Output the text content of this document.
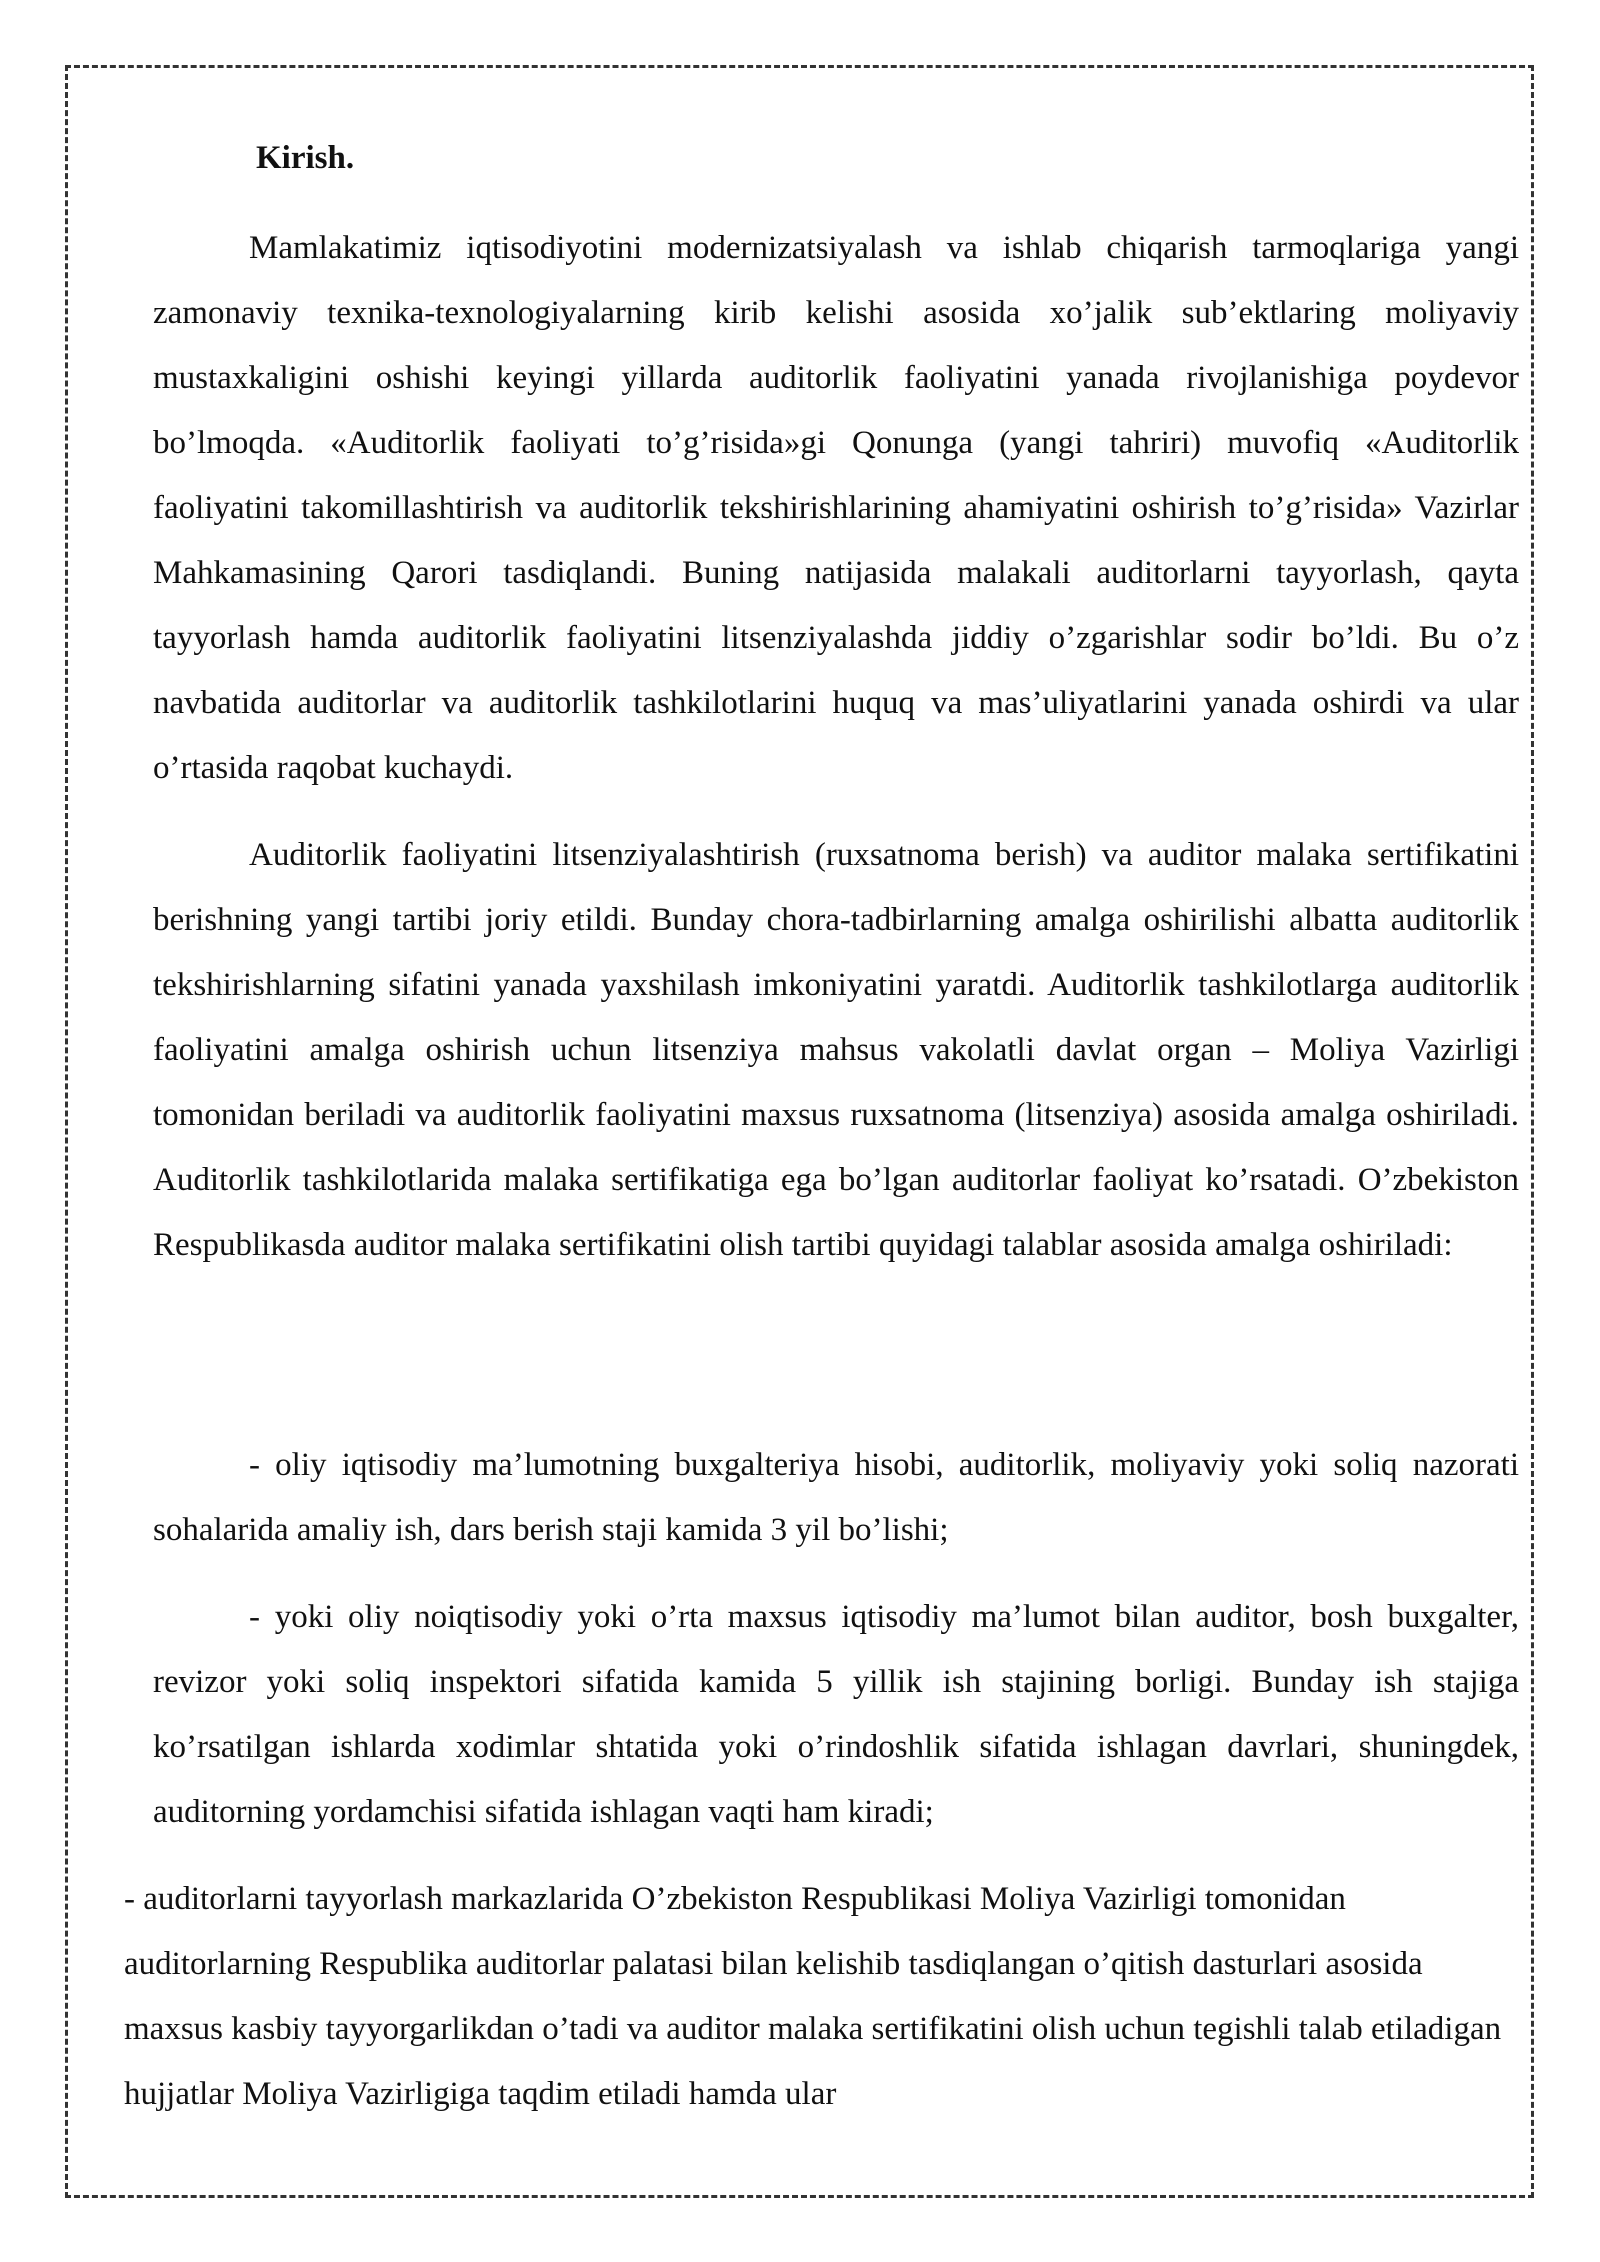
Kirish.

Mamlakatimiz iqtisodiyotini modernizatsiyalash va ishlab chiqarish tarmoqlariga yangi zamonaviy texnika-texnologiyalarning kirib kelishi asosida xo’jalik sub’ektlaring moliyaviy mustaxkaligini oshishi keyingi yillarda auditorlik faoliyatini yanada rivojlanishiga poydevor bo’lmoqda. «Auditorlik faoliyati to’g’risida»gi Qonunga (yangi tahriri) muvofiq «Auditorlik faoliyatini takomillashtirish va auditorlik tekshirishlarining ahamiyatini oshirish to’g’risida» Vazirlar Mahkamasining Qarori tasdiqlandi. Buning natijasida malakali auditorlarni tayyorlash, qayta tayyorlash hamda auditorlik faoliyatini litsenziyalashda jiddiy o’zgarishlar sodir bo’ldi. Bu o’z navbatida auditorlar va auditorlik tashkilotlarini huquq va mas’uliyatlarini yanada oshirdi va ular o’rtasida raqobat kuchaydi.

Auditorlik faoliyatini litsenziyalashtirish (ruxsatnoma berish) va auditor malaka sertifikatini berishning yangi tartibi joriy etildi. Bunday chora-tadbirlarning amalga oshirilishi albatta auditorlik tekshirishlarning sifatini yanada yaxshilash imkoniyatini yaratdi. Auditorlik tashkilotlarga auditorlik faoliyatini amalga oshirish uchun litsenziya mahsus vakolatli davlat organ – Moliya Vazirligi tomonidan beriladi va auditorlik faoliyatini maxsus ruxsatnoma (litsenziya) asosida amalga oshiriladi. Auditorlik tashkilotlarida malaka sertifikatiga ega bo’lgan auditorlar faoliyat ko’rsatadi. O’zbekiston Respublikasda auditor malaka sertifikatini olish tartibi quyidagi talablar asosida amalga oshiriladi:

- oliy iqtisodiy ma’lumotning buxgalteriya hisobi, auditorlik, moliyaviy yoki soliq nazorati sohalarida amaliy ish, dars berish staji kamida 3 yil bo’lishi;

- yoki oliy noiqtisodiy yoki o’rta maxsus iqtisodiy ma’lumot bilan auditor, bosh buxgalter, revizor yoki soliq inspektori sifatida kamida 5 yillik ish stajining borligi. Bunday ish stajiga ko’rsatilgan ishlarda xodimlar shtatida yoki o’rindoshlik sifatida ishlagan davrlari, shuningdek, auditorning yordamchisi sifatida ishlagan vaqti ham kiradi;

- auditorlarni tayyorlash markazlarida O’zbekiston Respublikasi Moliya Vazirligi tomonidan auditorlarning Respublika auditorlar palatasi bilan kelishib tasdiqlangan o’qitish dasturlari asosida maxsus kasbiy tayyorgarlikdan o’tadi va auditor malaka sertifikatini olish uchun tegishli talab etiladigan hujjatlar Moliya Vazirligiga taqdim etiladi hamda ular
